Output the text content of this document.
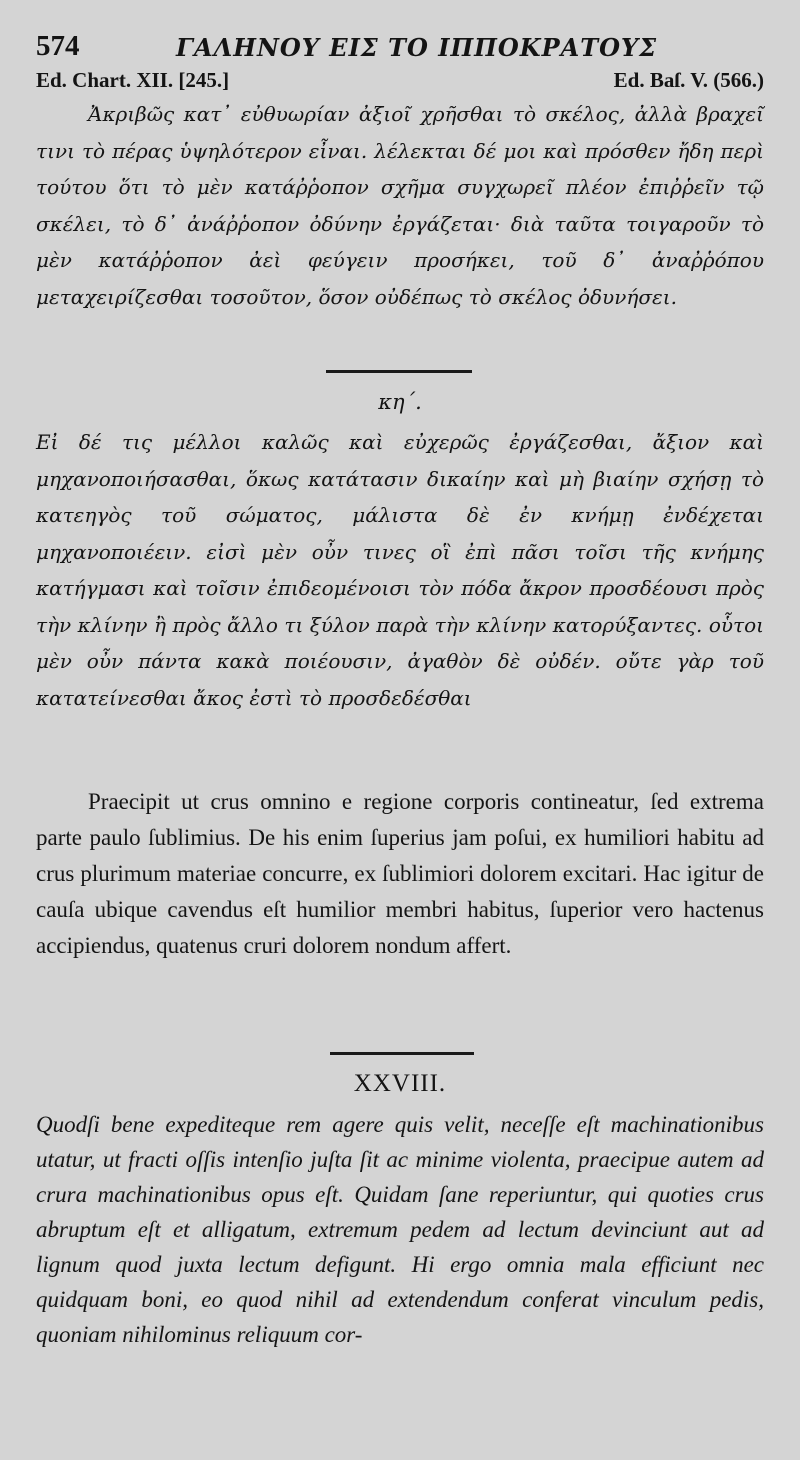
574	ΓΑΛΗΝΟΥ ΕΙΣ ΤΟ ΙΠΠΟΚΡΑΤΟΥΣ
Ed. Chart. XII. [245.]	Ed. Baſ. V. (566.)
Ἀκριβῶς κατ᾽ εὐθυωρίαν ἀξιοῖ χρῆσθαι τὸ σκέλος, ἀλλὰ βραχεῖ τινι τὸ πέρας ὑψηλότερον εἶναι. λέλεκται δέ μοι καὶ πρόσθεν ἤδη περὶ τούτου ὅτι τὸ μὲν κατάῤῥοπον σχῆμα συγχωρεῖ πλέον ἐπιῤῥεῖν τῷ σκέλει, τὸ δ᾽ ἀνάῤῥοπον ὀδύνην ἐργάζεται· διὰ ταῦτα τοιγαροῦν τὸ μὲν κατάῤῥοπον ἀεὶ φεύγειν προσήκει, τοῦ δ᾽ ἀναῤῥόπου μεταχειρίζεσθαι τοσοῦτον, ὅσον οὐδέπως τὸ σκέλος ὀδυνήσει.
κη΄.
Εἰ δέ τις μέλλοι καλῶς καὶ εὐχερῶς ἐργάζεσθαι, ἄξιον καὶ μηχανοποιήσασθαι, ὅκως κατάτασιν δικαίην καὶ μὴ βιαίην σχήσῃ τὸ κατεηγὸς τοῦ σώματος, μάλιστα δὲ ἐν κνήμῃ ἐνδέχεται μηχανοποιέειν. εἰσὶ μὲν οὖν τινες οἳ ἐπὶ πᾶσι τοῖσι τῆς κνήμης κατήγμασι καὶ τοῖσιν ἐπιδεομένοισι τὸν πόδα ἄκρον προσδέουσι πρὸς τὴν κλίνην ἢ πρὸς ἄλλο τι ξύλον παρὰ τὴν κλίνην κατορύξαντες. οὗτοι μὲν οὖν πάντα κακὰ ποιέουσιν, ἀγαθὸν δὲ οὐδέν. οὔτε γὰρ τοῦ κατατείνεσθαι ἄκος ἐστὶ τὸ προσδεδέσθαι
Praecipit ut crus omnino e regione corporis contineatur, ſed extrema parte paulo ſublimius. De his enim ſuperius jam poſui, ex humiliori habitu ad crus plurimum materiae concurre, ex ſublimiori dolorem excitari. Hac igitur de cauſa ubique cavendus eſt humilior membri habitus, ſuperior vero hactenus accipiendus, quatenus cruri dolorem nondum affert.
XXVIII.
Quodſi bene expediteque rem agere quis velit, neceſſe eſt machinationibus utatur, ut fracti oſſis intenſio juſta ſit ac minime violenta, praecipue autem ad crura machinationibus opus eſt. Quidam ſane reperiuntur, qui quoties crus abruptum eſt et alligatum, extremum pedem ad lectum devinciunt aut ad lignum quod juxta lectum defigunt. Hi ergo omnia mala efficiunt nec quidquam boni, eo quod nihil ad extendendum conferat vinculum pedis, quoniam nihilominus reliquum cor-
